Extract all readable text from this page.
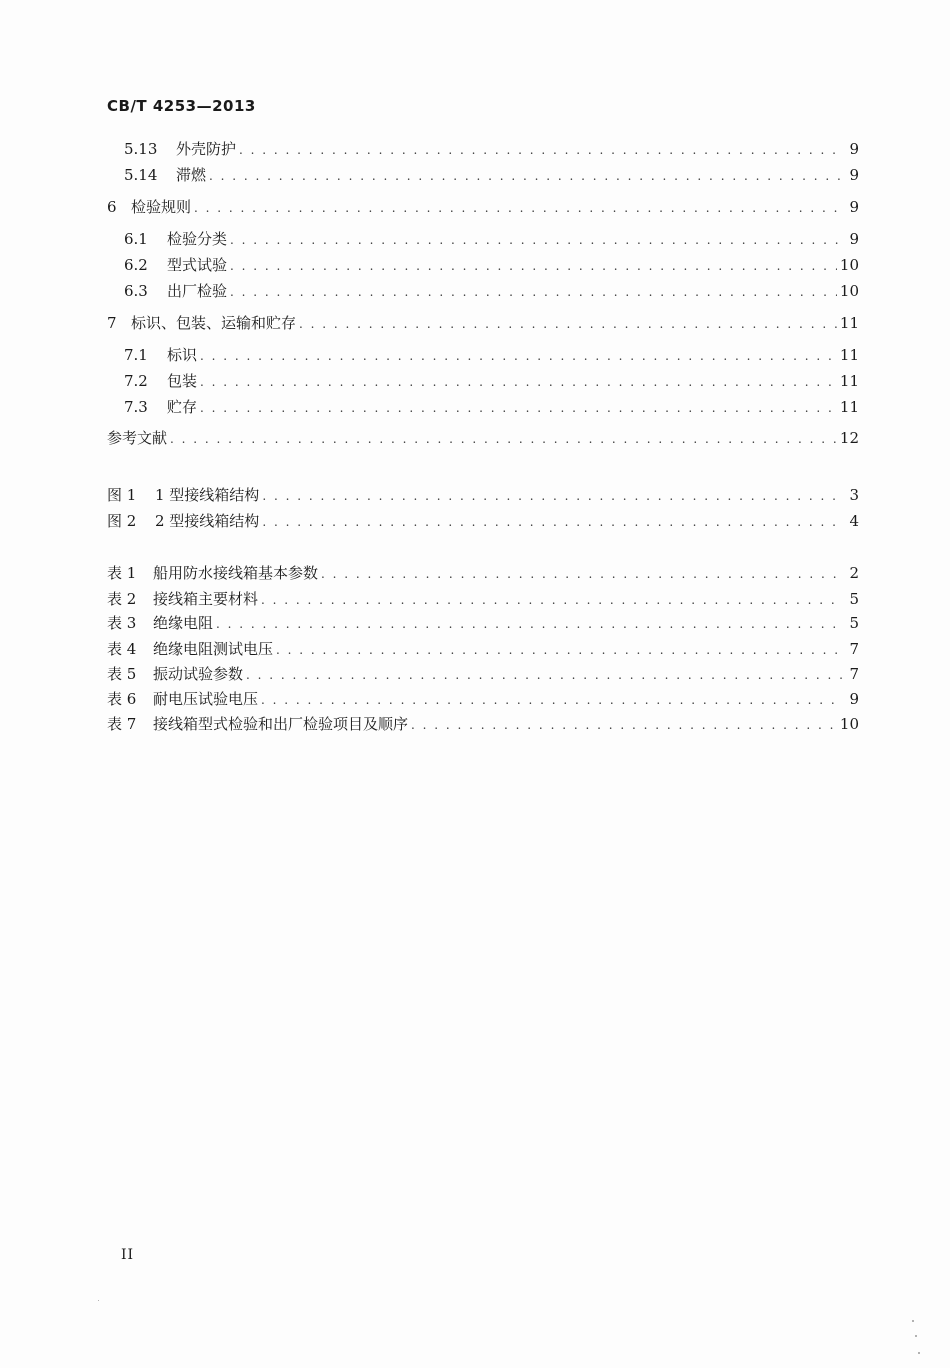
CB/T 4253—2013
5.13	外壳防护 . . .	9
5.14	滞燃 . . .	9
6 检验规则 . . .	9
6.1	检验分类 . . .	9
6.2	型式试验 . . .	10
6.3	出厂检验 . . .	10
7 标识、包装、运输和贮存 . . .	11
7.1	标识 . . .	11
7.2	包装 . . .	11
7.3	贮存 . . .	11
参考文献 . . .	12
图 1	1 型接线箱结构 . . .	3
图 2	2 型接线箱结构 . . .	4
表 1	船用防水接线箱基本参数 . . .	2
表 2	接线箱主要材料 . . .	5
表 3	绝缘电阻 . . .	5
表 4	绝缘电阻测试电压 . . .	7
表 5	振动试验参数 . . .	7
表 6	耐电压试验电压 . . .	9
表 7	接线箱型式检验和出厂检验项目及顺序 . . .	10
II
